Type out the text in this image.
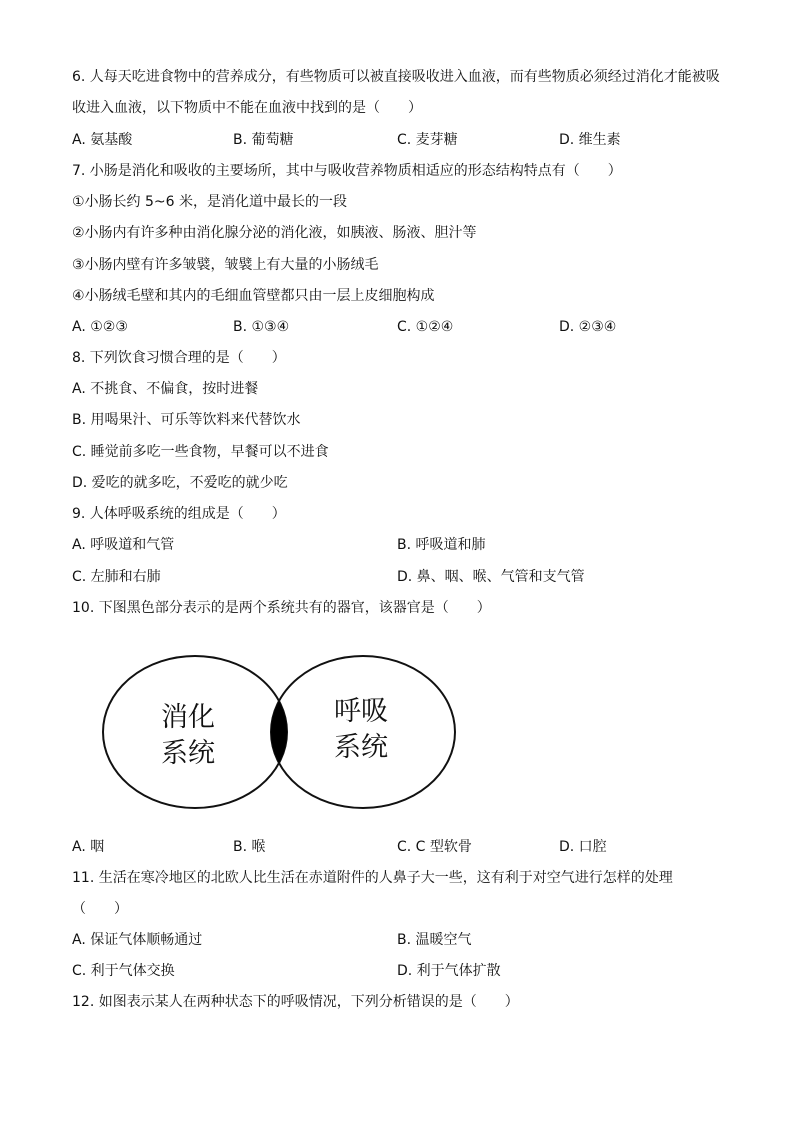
6. 人每天吃进食物中的营养成分，有些物质可以被直接吸收进入血液，而有些物质必须经过消化才能被吸
收进入血液，以下物质中不能在血液中找到的是（　　）
A. 氨基酸	B. 葡萄糖	C. 麦芽糖	D. 维生素
7. 小肠是消化和吸收的主要场所，其中与吸收营养物质相适应的形态结构特点有（　　）
①小肠长约 5~6 米，是消化道中最长的一段
②小肠内有许多种由消化腺分泌的消化液，如胰液、肠液、胆汁等
③小肠内壁有许多皱襞，皱襞上有大量的小肠绒毛
④小肠绒毛壁和其内的毛细血管壁都只由一层上皮细胞构成
A. ①②③	B. ①③④	C. ①②④	D. ②③④
8. 下列饮食习惯合理的是（　　）
A. 不挑食、不偏食，按时进餐
B. 用喝果汁、可乐等饮料来代替饮水
C. 睡觉前多吃一些食物，早餐可以不进食
D. 爱吃的就多吃，不爱吃的就少吃
9. 人体呼吸系统的组成是（　　）
A. 呼吸道和气管	B. 呼吸道和肺
C. 左肺和右肺	D. 鼻、咽、喉、气管和支气管
10. 下图黑色部分表示的是两个系统共有的器官，该器官是（　　）
消化
系统
呼吸
系统
A. 咽	B. 喉	C. C 型软骨	D. 口腔
11. 生活在寒冷地区的北欧人比生活在赤道附件的人鼻子大一些，这有利于对空气进行怎样的处理
（　　）
A. 保证气体顺畅通过	B. 温暖空气
C. 利于气体交换	D. 利于气体扩散
12. 如图表示某人在两种状态下的呼吸情况，下列分析错误的是（　　）
